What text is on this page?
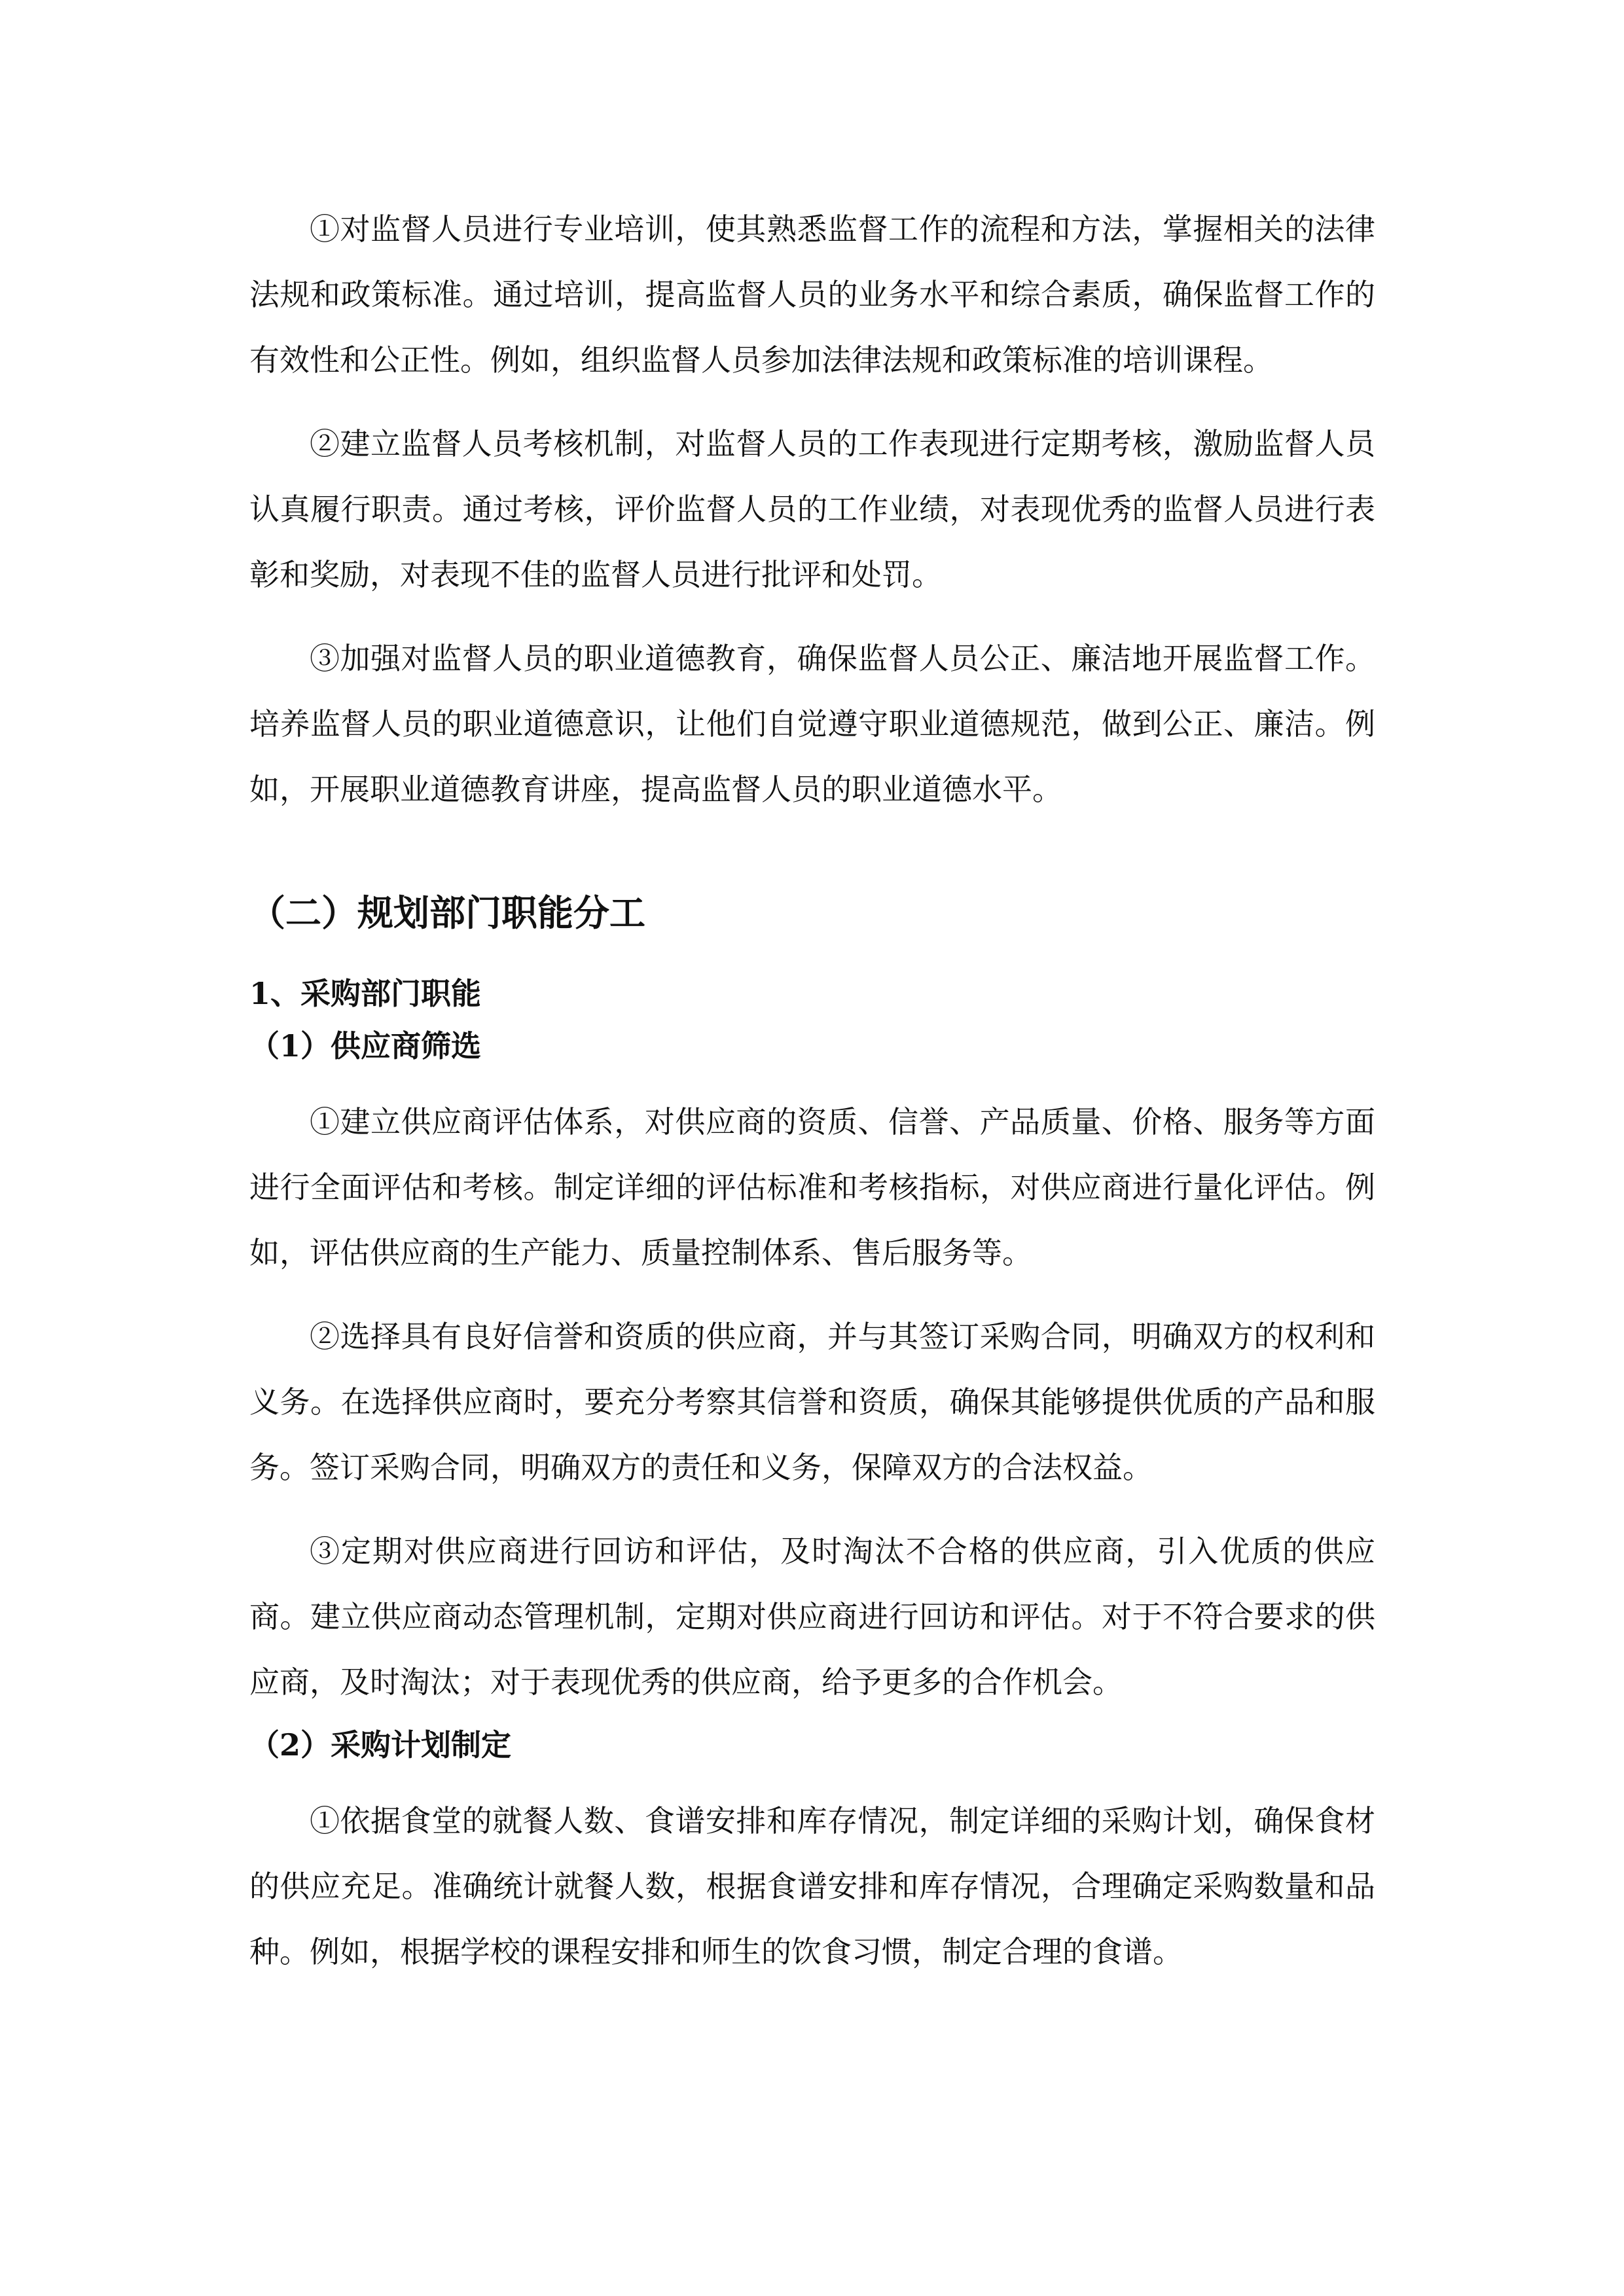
①对监督人员进行专业培训，使其熟悉监督工作的流程和方法，掌握相关的法律法规和政策标准。通过培训，提高监督人员的业务水平和综合素质，确保监督工作的有效性和公正性。例如，组织监督人员参加法律法规和政策标准的培训课程。

②建立监督人员考核机制，对监督人员的工作表现进行定期考核，激励监督人员认真履行职责。通过考核，评价监督人员的工作业绩，对表现优秀的监督人员进行表彰和奖励，对表现不佳的监督人员进行批评和处罚。

③加强对监督人员的职业道德教育，确保监督人员公正、廉洁地开展监督工作。培养监督人员的职业道德意识，让他们自觉遵守职业道德规范，做到公正、廉洁。例如，开展职业道德教育讲座，提高监督人员的职业道德水平。

（二）规划部门职能分工
1、采购部门职能
（1）供应商筛选

①建立供应商评估体系，对供应商的资质、信誉、产品质量、价格、服务等方面进行全面评估和考核。制定详细的评估标准和考核指标，对供应商进行量化评估。例如，评估供应商的生产能力、质量控制体系、售后服务等。

②选择具有良好信誉和资质的供应商，并与其签订采购合同，明确双方的权利和义务。在选择供应商时，要充分考察其信誉和资质，确保其能够提供优质的产品和服务。签订采购合同，明确双方的责任和义务，保障双方的合法权益。

③定期对供应商进行回访和评估，及时淘汰不合格的供应商，引入优质的供应商。建立供应商动态管理机制，定期对供应商进行回访和评估。对于不符合要求的供应商，及时淘汰；对于表现优秀的供应商，给予更多的合作机会。

（2）采购计划制定

①依据食堂的就餐人数、食谱安排和库存情况，制定详细的采购计划，确保食材的供应充足。准确统计就餐人数，根据食谱安排和库存情况，合理确定采购数量和品种。例如，根据学校的课程安排和师生的饮食习惯，制定合理的食谱。
